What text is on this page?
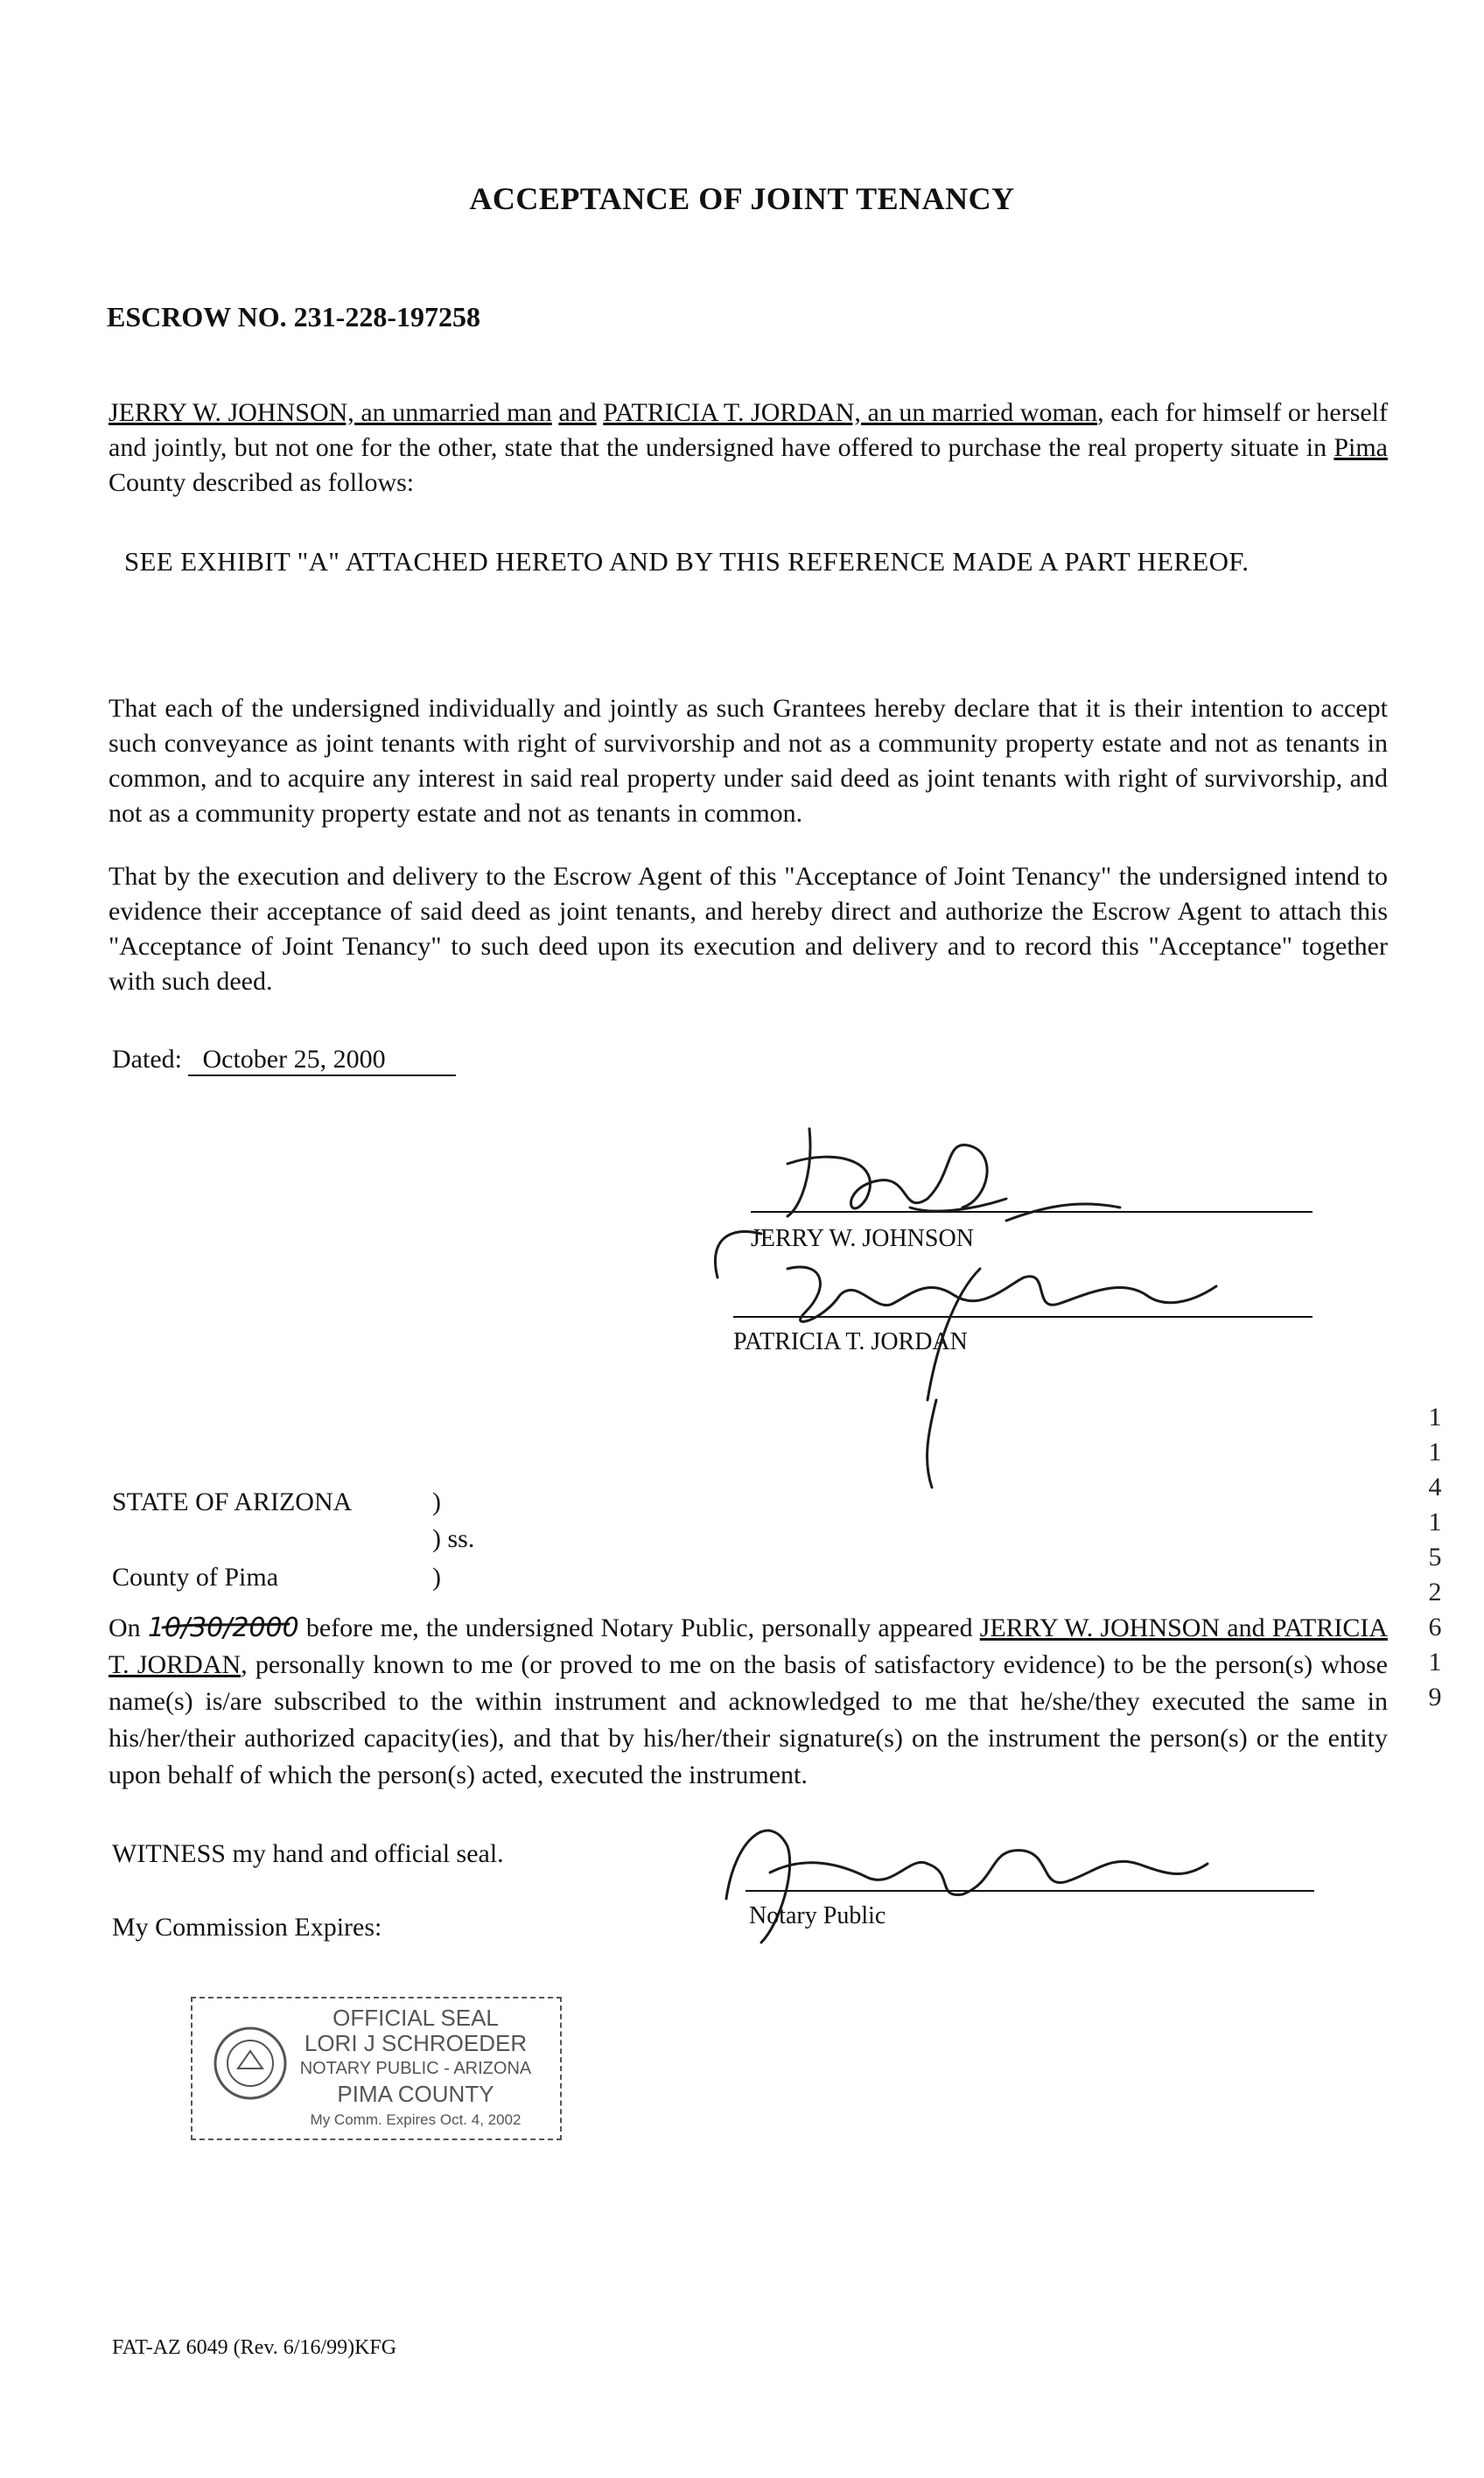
ACCEPTANCE OF JOINT TENANCY
ESCROW NO. 231-228-197258
JERRY W. JOHNSON, an unmarried man and PATRICIA T. JORDAN, an un married woman, each for himself or herself and jointly, but not one for the other, state that the undersigned have offered to purchase the real property situate in Pima County described as follows:
SEE EXHIBIT "A" ATTACHED HERETO AND BY THIS REFERENCE MADE A PART HEREOF.
That each of the undersigned individually and jointly as such Grantees hereby declare that it is their intention to accept such conveyance as joint tenants with right of survivorship and not as a community property estate and not as tenants in common, and to acquire any interest in said real property under said deed as joint tenants with right of survivorship, and not as a community property estate and not as tenants in common.
That by the execution and delivery to the Escrow Agent of this "Acceptance of Joint Tenancy" the undersigned intend to evidence their acceptance of said deed as joint tenants, and hereby direct and authorize the Escrow Agent to attach this "Acceptance of Joint Tenancy" to such deed upon its execution and delivery and to record this "Acceptance" together with such deed.
Dated: October 25, 2000
JERRY W. JOHNSON
PATRICIA T. JORDAN
STATE OF ARIZONA	)
) ss.
County of Pima	)
On 10/30/2000 before me, the undersigned Notary Public, personally appeared JERRY W. JOHNSON and PATRICIA T. JORDAN, personally known to me (or proved to me on the basis of satisfactory evidence) to be the person(s) whose name(s) is/are subscribed to the within instrument and acknowledged to me that he/she/they executed the same in his/her/their authorized capacity(ies), and that by his/her/their signature(s) on the instrument the person(s) or the entity upon behalf of which the person(s) acted, executed the instrument.
WITNESS my hand and official seal.
My Commission Expires:	Notary Public
OFFICIAL SEAL
LORI J SCHROEDER
NOTARY PUBLIC - ARIZONA
PIMA COUNTY
My Comm. Expires Oct. 4, 2002
1
1
4
1
5
2
6
1
9
FAT-AZ 6049 (Rev. 6/16/99)KFG
